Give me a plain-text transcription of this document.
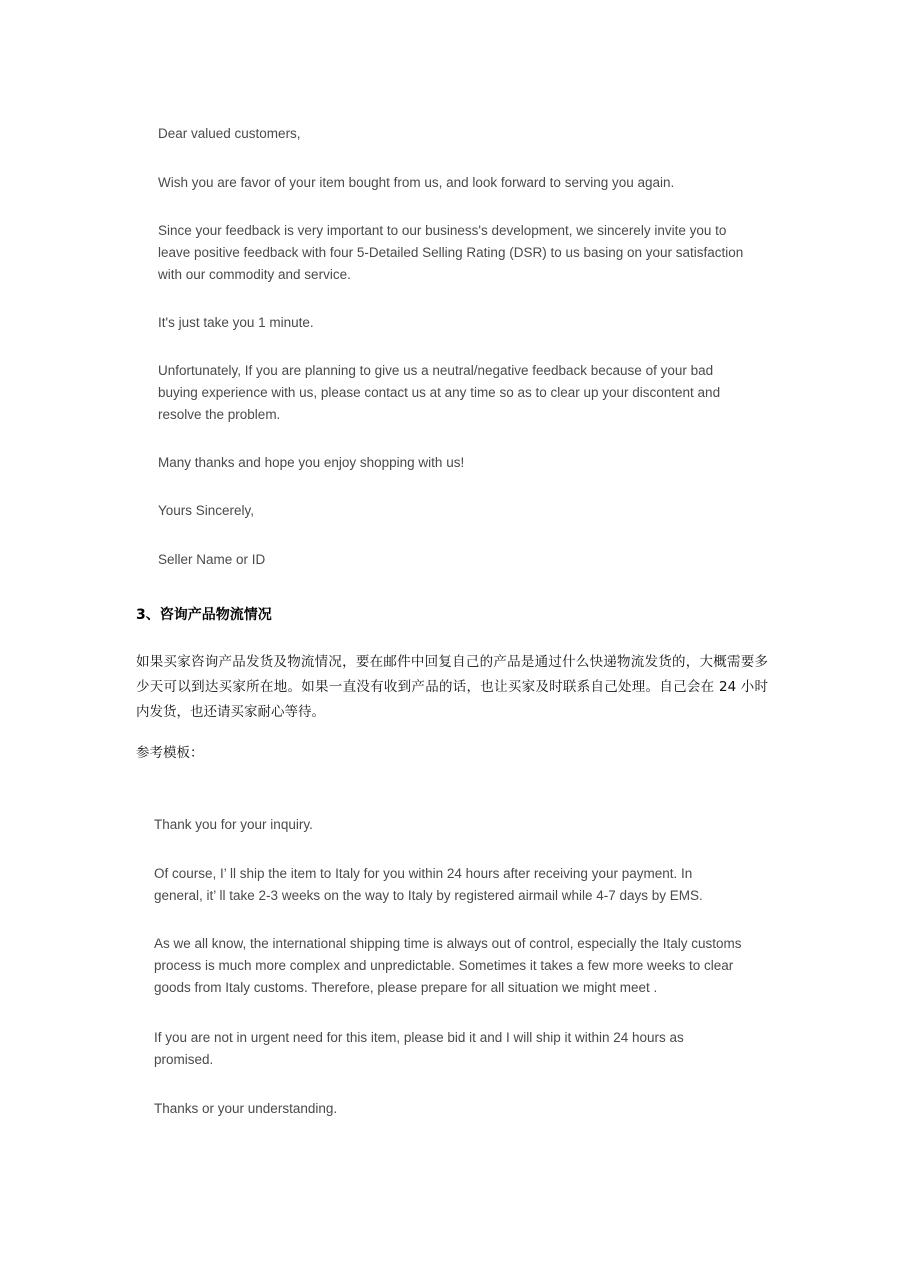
Dear valued customers,

Wish you are favor of your item bought from us, and look forward to serving you again.

Since your feedback is very important to our business's development, we sincerely invite you to leave positive feedback with four 5-Detailed Selling Rating (DSR) to us basing on your satisfaction with our commodity and service.

It's just take you 1 minute.

Unfortunately, If you are planning to give us a neutral/negative feedback because of your bad buying experience with us, please contact us at any time so as to clear up your discontent and resolve the problem.

Many thanks and hope you enjoy shopping with us!

Yours Sincerely,

Seller Name or ID

3、咨询产品物流情况

如果买家咨询产品发货及物流情况，要在邮件中回复自己的产品是通过什么快递物流发货的，大概需要多少天可以到达买家所在地。如果一直没有收到产品的话，也让买家及时联系自己处理。自己会在 24 小时内发货，也还请买家耐心等待。

参考模板：

Thank you for your inquiry.

Of course, I’ ll ship the item to Italy for you within 24 hours after receiving your payment. In general, it’ ll take 2-3 weeks on the way to Italy by registered airmail while 4-7 days by EMS.

As we all know, the international shipping time is always out of control, especially the Italy customs process is much more complex and unpredictable. Sometimes it takes a few more weeks to clear goods from Italy customs. Therefore, please prepare for all situation we might meet .

If you are not in urgent need for this item, please bid it and I will ship it within 24 hours as promised.

Thanks or your understanding.
